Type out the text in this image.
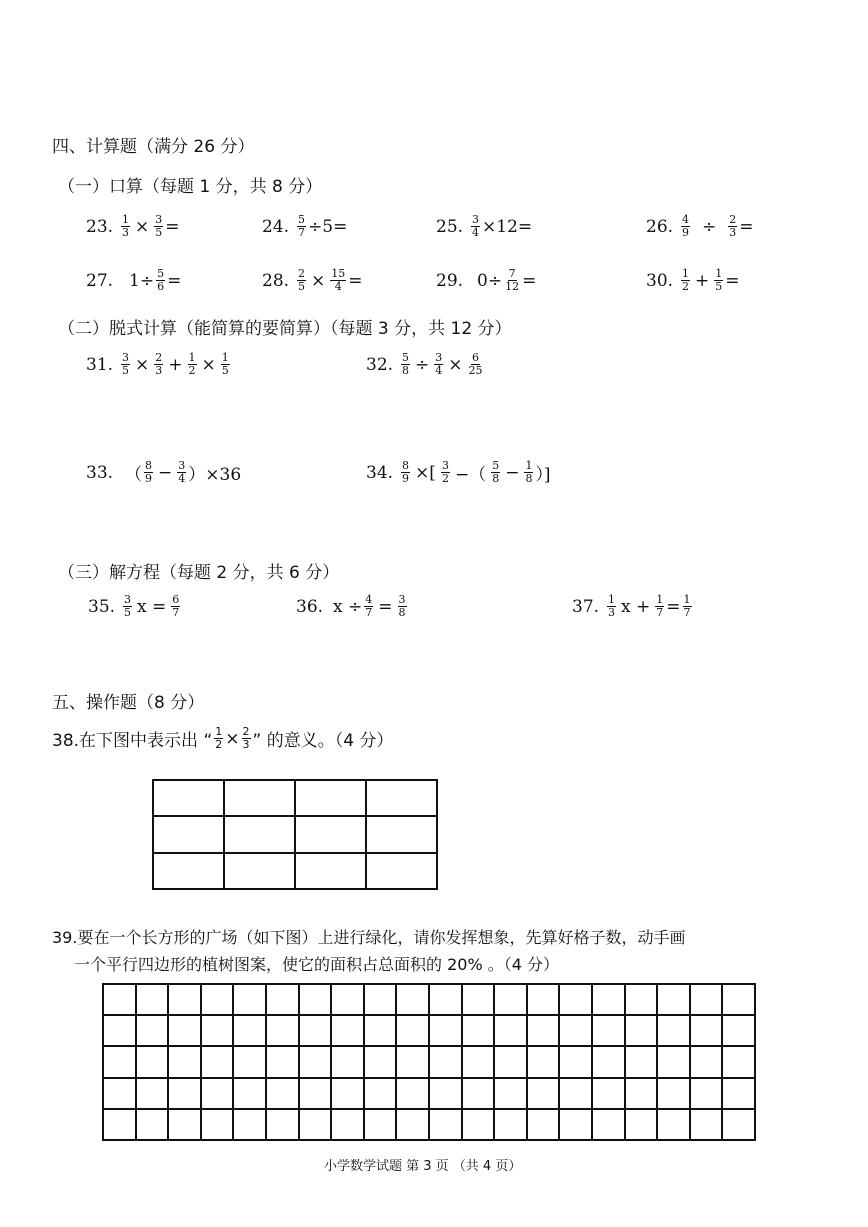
四、计算题（满分 26 分）
（一）口算（每题 1 分，共 8 分）
23. $\frac{1}{3} \times \frac{3}{5}$ =	24. $\frac{5}{7} \div 5=$	25. $\frac{3}{4} \times 12=$	26. $\frac{4}{9} \div \frac{2}{3}$ =
27. $1\div \frac{5}{6}$ =	28. $\frac{2}{5} \times \frac{15}{4}$ =	29. $0\div \frac{7}{12}$ =	30. $\frac{1}{2} + \frac{1}{5}$ =
（二）脱式计算（能简算的要简算）（每题 3 分，共 12 分）
31. $\frac{3}{5} \times \frac{2}{3} + \frac{1}{2} \times \frac{1}{5}$	32. $\frac{5}{8} \div \frac{3}{4} \times \frac{6}{25}$
33. （ $\frac{8}{9} - \frac{3}{4} )\times 36$	34. $\frac{8}{9}$ ×[ $\frac{3}{2}$ −（ $\frac{5}{8} - \frac{1}{8}$ ）]
（三）解方程（每题 2 分，共 6 分）
35. $\frac{3}{5}$ $x = \frac{6}{7}$	36. $x \div \frac{4}{7} = \frac{3}{8}$	37. $\frac{1}{3}$ $x + \frac{1}{7} = \frac{1}{7}$
五、操作题（8 分）
38.在下图中表示出 “ $\frac{1}{2} \times \frac{2}{3}$ ” 的意义。（4 分）

39.要在一个长方形的广场（如下图）上进行绿化，请你发挥想象，先算好格子数，动手画
一个平行四边形的植树图案，使它的面积占总面积的 20% 。（4 分）

小学数学试题 第 3 页 （共 4 页）
